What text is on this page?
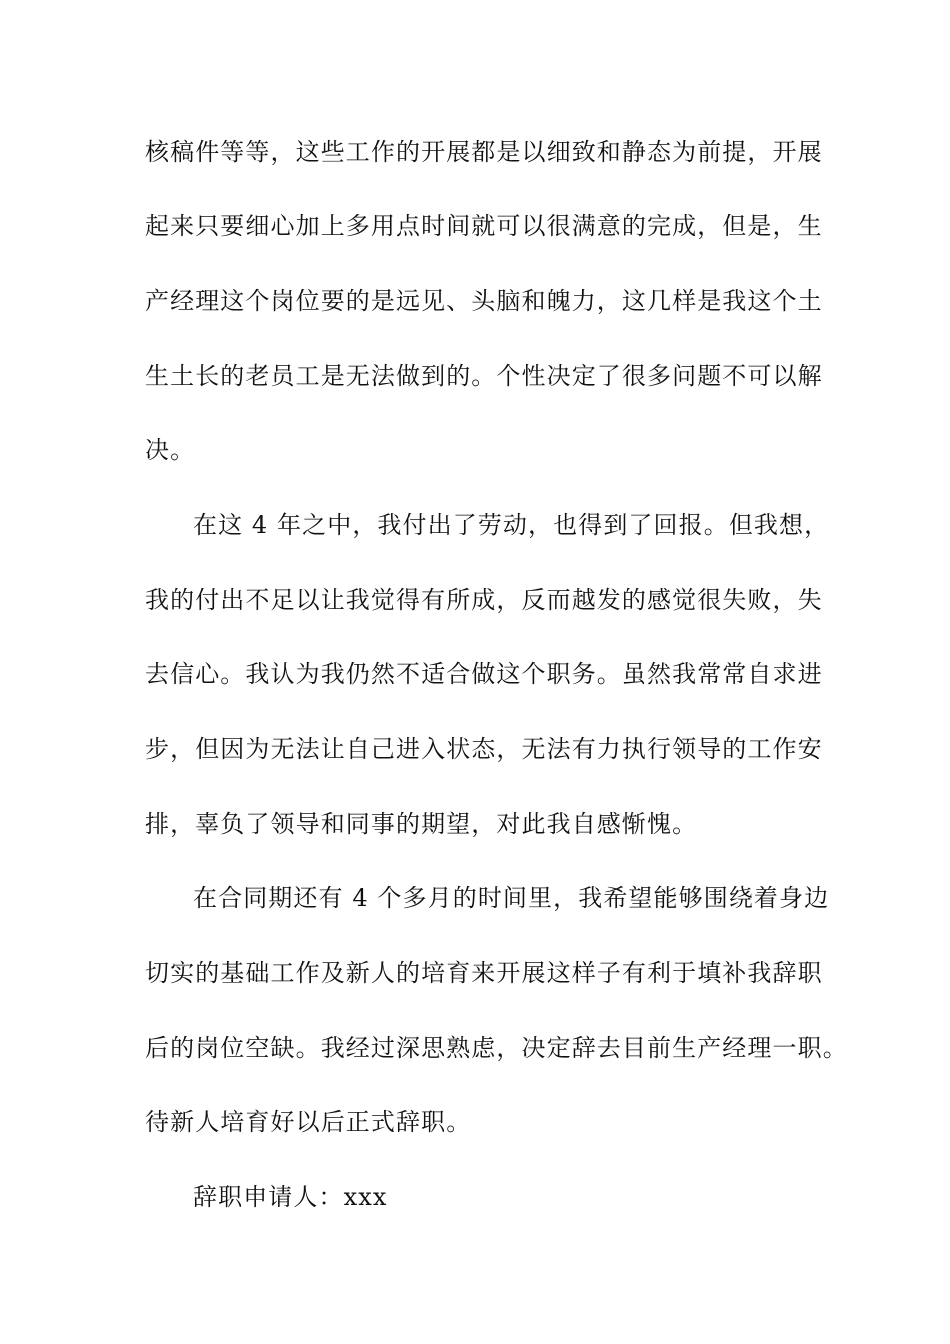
核稿件等等，这些工作的开展都是以细致和静态为前提，开展
起来只要细心加上多用点时间就可以很满意的完成，但是，生
产经理这个岗位要的是远见、头脑和魄力，这几样是我这个土
生土长的老员工是无法做到的。个性决定了很多问题不可以解
决。
在这 4 年之中，我付出了劳动，也得到了回报。但我想，
我的付出不足以让我觉得有所成，反而越发的感觉很失败，失
去信心。我认为我仍然不适合做这个职务。虽然我常常自求进
步，但因为无法让自己进入状态，无法有力执行领导的工作安
排，辜负了领导和同事的期望，对此我自感惭愧。
在合同期还有 4 个多月的时间里，我希望能够围绕着身边
切实的基础工作及新人的培育来开展这样子有利于填补我辞职
后的岗位空缺。我经过深思熟虑，决定辞去目前生产经理一职。
待新人培育好以后正式辞职。
辞职申请人：xxx
